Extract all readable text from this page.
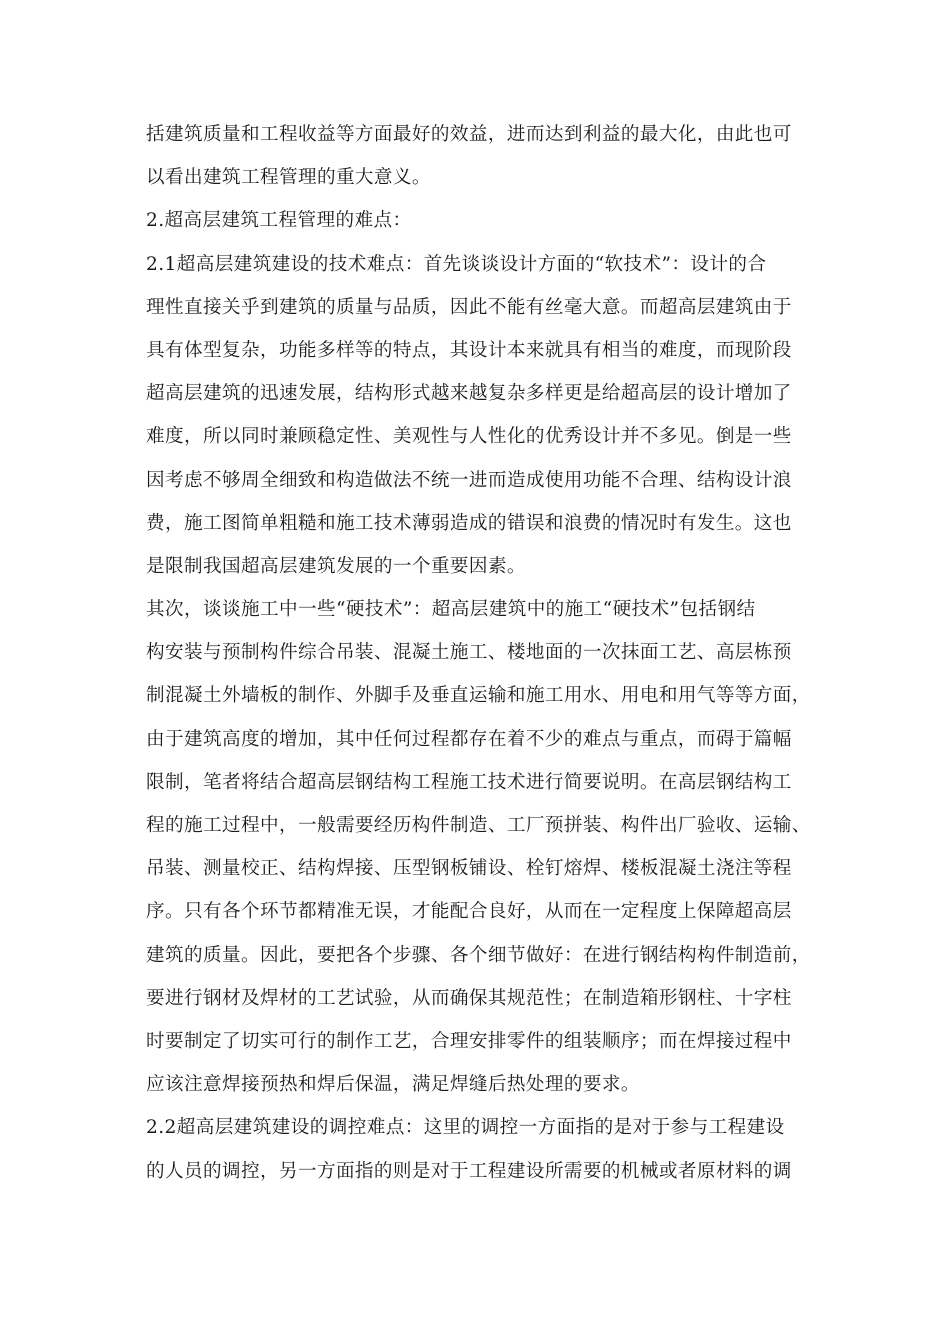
括建筑质量和工程收益等方面最好的效益，进而达到利益的最大化，由此也可
以看出建筑工程管理的重大意义。
2.超高层建筑工程管理的难点：
2.1超高层建筑建设的技术难点：首先谈谈设计方面的“软技术”：设计的合
理性直接关乎到建筑的质量与品质，因此不能有丝毫大意。而超高层建筑由于
具有体型复杂，功能多样等的特点，其设计本来就具有相当的难度，而现阶段
超高层建筑的迅速发展，结构形式越来越复杂多样更是给超高层的设计增加了
难度，所以同时兼顾稳定性、美观性与人性化的优秀设计并不多见。倒是一些
因考虑不够周全细致和构造做法不统一进而造成使用功能不合理、结构设计浪
费，施工图简单粗糙和施工技术薄弱造成的错误和浪费的情况时有发生。这也
是限制我国超高层建筑发展的一个重要因素。
其次，谈谈施工中一些“硬技术”：超高层建筑中的施工“硬技术”包括钢结
构安装与预制构件综合吊装、混凝土施工、楼地面的一次抹面工艺、高层栋预
制混凝土外墙板的制作、外脚手及垂直运输和施工用水、用电和用气等等方面，
由于建筑高度的增加，其中任何过程都存在着不少的难点与重点，而碍于篇幅
限制，笔者将结合超高层钢结构工程施工技术进行简要说明。在高层钢结构工
程的施工过程中，一般需要经历构件制造、工厂预拼装、构件出厂验收、运输、
吊装、测量校正、结构焊接、压型钢板铺设、栓钉熔焊、楼板混凝土浇注等程
序。只有各个环节都精准无误，才能配合良好，从而在一定程度上保障超高层
建筑的质量。因此，要把各个步骤、各个细节做好：在进行钢结构构件制造前，
要进行钢材及焊材的工艺试验，从而确保其规范性；在制造箱形钢柱、十字柱
时要制定了切实可行的制作工艺，合理安排零件的组装顺序；而在焊接过程中
应该注意焊接预热和焊后保温，满足焊缝后热处理的要求。
2.2超高层建筑建设的调控难点：这里的调控一方面指的是对于参与工程建设
的人员的调控，另一方面指的则是对于工程建设所需要的机械或者原材料的调
